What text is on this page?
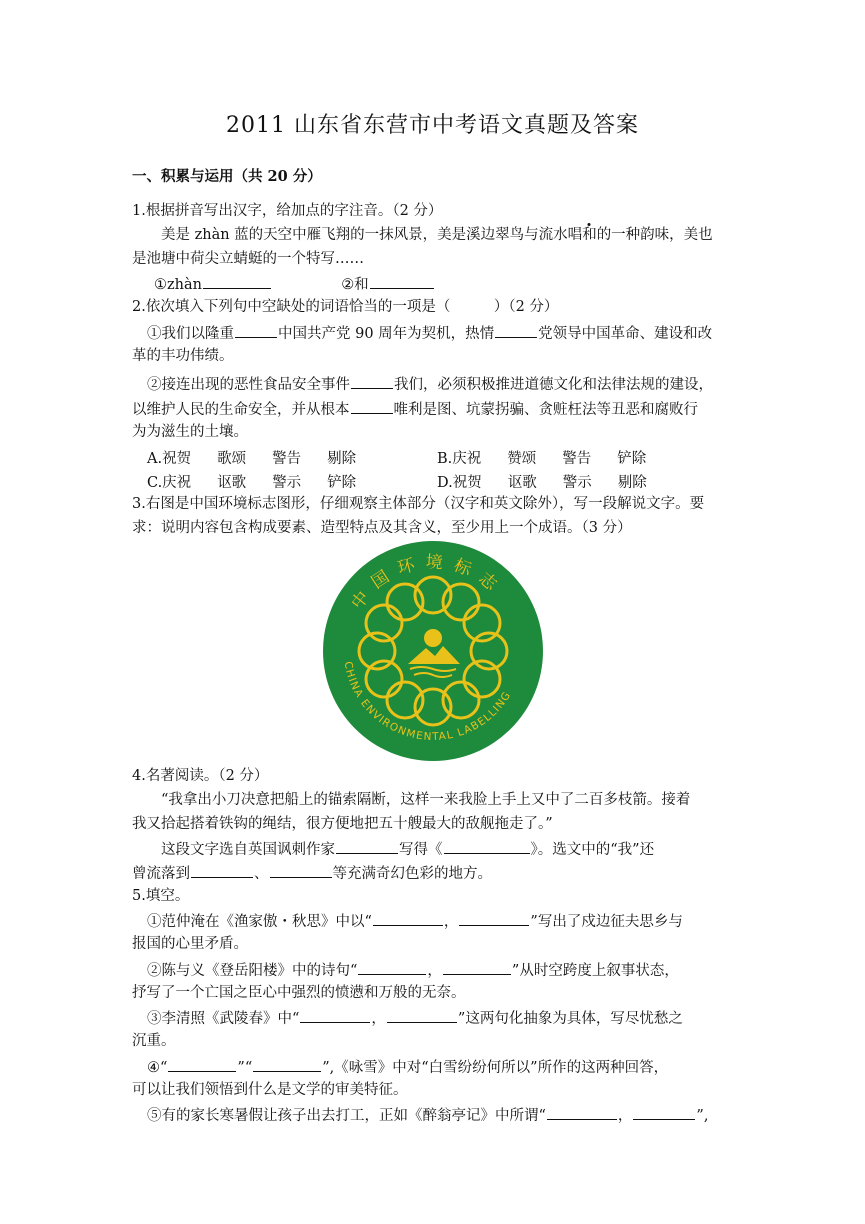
2011 山东省东营市中考语文真题及答案
一、积累与运用（共 20 分）
1.根据拼音写出汉字，给加点的字注音。（2 分）
美是 zhàn 蓝的天空中雁飞翔的一抹风景，美是溪边翠鸟与流水唱和的一种韵味，美也
是池塘中荷尖立蜻蜓的一个特写……
①zhàn	②和
2.依次填入下列句中空缺处的词语恰当的一项是（　　　）（2 分）
①我们以隆重	中国共产党 90 周年为契机，热情	党领导中国革命、建设和改
革的丰功伟绩。
②接连出现的恶性食品安全事件	我们，必须积极推进道德文化和法律法规的建设，
以维护人民的生命安全，并从根本	唯利是图、坑蒙拐骗、贪赃枉法等丑恶和腐败行
为为滋生的土壤。
A.祝贺 歌颂 警告 剔除	B.庆祝 赞颂 警告 铲除
C.庆祝 讴歌 警示 铲除	D.祝贺 讴歌 警示 剔除
3.右图是中国环境标志图形，仔细观察主体部分（汉字和英文除外），写一段解说文字。要
求：说明内容包含构成要素、造型特点及其含义，至少用上一个成语。（3 分）
中国环境标志
CHINA ENVIRONMENTAL LABELLING
4.名著阅读。（2 分）
“我拿出小刀决意把船上的锚索隔断，这样一来我脸上手上又中了二百多枝箭。接着
我又拾起搭着铁钩的绳结，很方便地把五十艘最大的敌舰拖走了。”
这段文字选自英国讽刺作家	写得《	》。选文中的“我”还
曾流落到	、	等充满奇幻色彩的地方。
5.填空。
①范仲淹在《渔家傲・秋思》中以“	，	”写出了戍边征夫思乡与
报国的心里矛盾。
②陈与义《登岳阳楼》中的诗句“	，	”从时空跨度上叙事状态，
抒写了一个亡国之臣心中强烈的愤懑和万般的无奈。
③李清照《武陵春》中“	，	”这两句化抽象为具体，写尽忧愁之
沉重。
④“	”“	”,《咏雪》中对“白雪纷纷何所以”所作的这两种回答，
可以让我们领悟到什么是文学的审美特征。
⑤有的家长寒暑假让孩子出去打工，正如《醉翁亭记》中所谓“	，	”,
